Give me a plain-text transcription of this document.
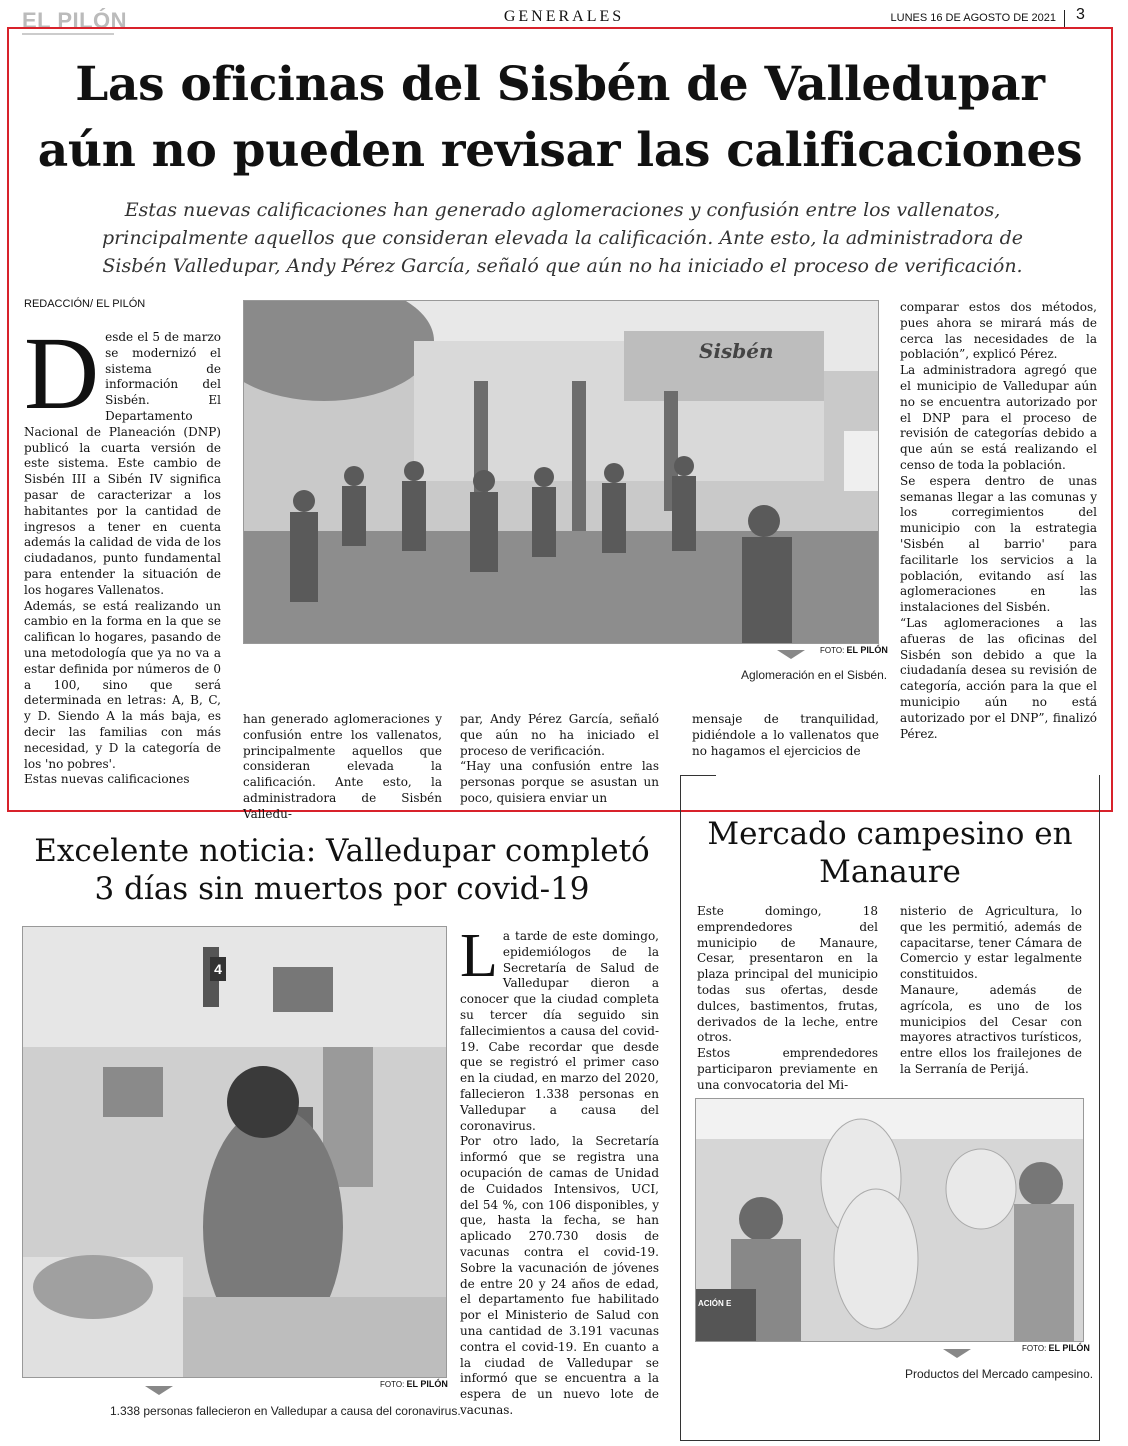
EL PILÓN	GENERALES	LUNES 16 DE AGOSTO DE 2021 3
Las oficinas del Sisbén de Valledupar
aún no pueden revisar las calificaciones
Estas nuevas calificaciones han generado aglomeraciones y confusión entre los vallenatos,
principalmente aquellos que consideran elevada la calificación. Ante esto, la administradora de
Sisbén Valledupar, Andy Pérez García, señaló que aún no ha iniciado el proceso de verificación.
REDACCIÓN/ EL PILÓN
D esde el 5 de marzo se modernizó el sistema de información del Sisbén. El Departamento Nacional de Planeación (DNP) publicó la cuarta versión de este sistema. Este cambio de Sisbén III a Sibén IV significa pasar de caracterizar a los habitantes por la cantidad de ingresos a tener en cuenta además la calidad de vida de los ciudadanos, punto fundamental para entender la situación de los hogares Vallenatos.
Además, se está realizando un cambio en la forma en la que se califican lo hogares, pasando de una metodología que ya no va a estar definida por números de 0 a 100, sino que será determinada en letras: A, B, C, y D. Siendo A la más baja, es decir las familias con más necesidad, y D la categoría de los 'no pobres'.
Estas nuevas calificaciones
Sisbén
FOTO: EL PILÓN
Aglomeración en el Sisbén.
han generado aglomeraciones y confusión entre los vallenatos, principalmente aquellos que consideran elevada la calificación. Ante esto, la administradora de Sisbén Valledu-
par, Andy Pérez García, señaló que aún no ha iniciado el proceso de verificación.
“Hay una confusión entre las personas porque se asustan un poco, quisiera enviar un
mensaje de tranquilidad, pidiéndole a lo vallenatos que no hagamos el ejercicios de
comparar estos dos métodos, pues ahora se mirará más de cerca las necesidades de la población”, explicó Pérez.
La administradora agregó que el municipio de Valledupar aún no se encuentra autorizado por el DNP para el proceso de revisión de categorías debido a que aún se está realizando el censo de toda la población.
Se espera dentro de unas semanas llegar a las comunas y los corregimientos del municipio con la estrategia 'Sisbén al barrio' para facilitarle los servicios a la población, evitando así las aglomeraciones en las instalaciones del Sisbén.
“Las aglomeraciones a las afueras de las oficinas del Sisbén son debido a que la ciudadanía desea su revisión de categoría, acción para la que el municipio aún no está autorizado por el DNP”, finalizó Pérez.
Excelente noticia: Valledupar completó
3 días sin muertos por covid-19
4
FOTO: EL PILÓN
1.338 personas fallecieron en Valledupar a causa del coronavirus.
L a tarde de este domingo, epidemiólogos de la Secretaría de Salud de Valledupar dieron a conocer que la ciudad completa su tercer día seguido sin fallecimientos a causa del covid-19. Cabe recordar que desde que se registró el primer caso en la ciudad, en marzo del 2020, fallecieron 1.338 personas en Valledupar a causa del coronavirus.
Por otro lado, la Secretaría informó que se registra una ocupación de camas de Unidad de Cuidados Intensivos, UCI, del 54 %, con 106 disponibles, y que, hasta la fecha, se han aplicado 270.730 dosis de vacunas contra el covid-19. Sobre la vacunación de jóvenes de entre 20 y 24 años de edad, el departamento fue habilitado por el Ministerio de Salud con una cantidad de 3.191 vacunas contra el covid-19. En cuanto a la ciudad de Valledupar se informó que se encuentra a la espera de un nuevo lote de vacunas.
Mercado campesino en
Manaure
Este domingo, 18 emprendedores del municipio de Manaure, Cesar, presentaron en la plaza principal del municipio todas sus ofertas, desde dulces, bastimentos, frutas, derivados de la leche, entre otros.
Estos emprendedores participaron previamente en una convocatoria del Mi-
nisterio de Agricultura, lo que les permitió, además de capacitarse, tener Cámara de Comercio y estar legalmente constituidos.
Manaure, además de agrícola, es uno de los municipios del Cesar con mayores atractivos turísticos, entre ellos los frailejones de la Serranía de Perijá.
ACIÓN E
FOTO: EL PILÓN
Productos del Mercado campesino.
